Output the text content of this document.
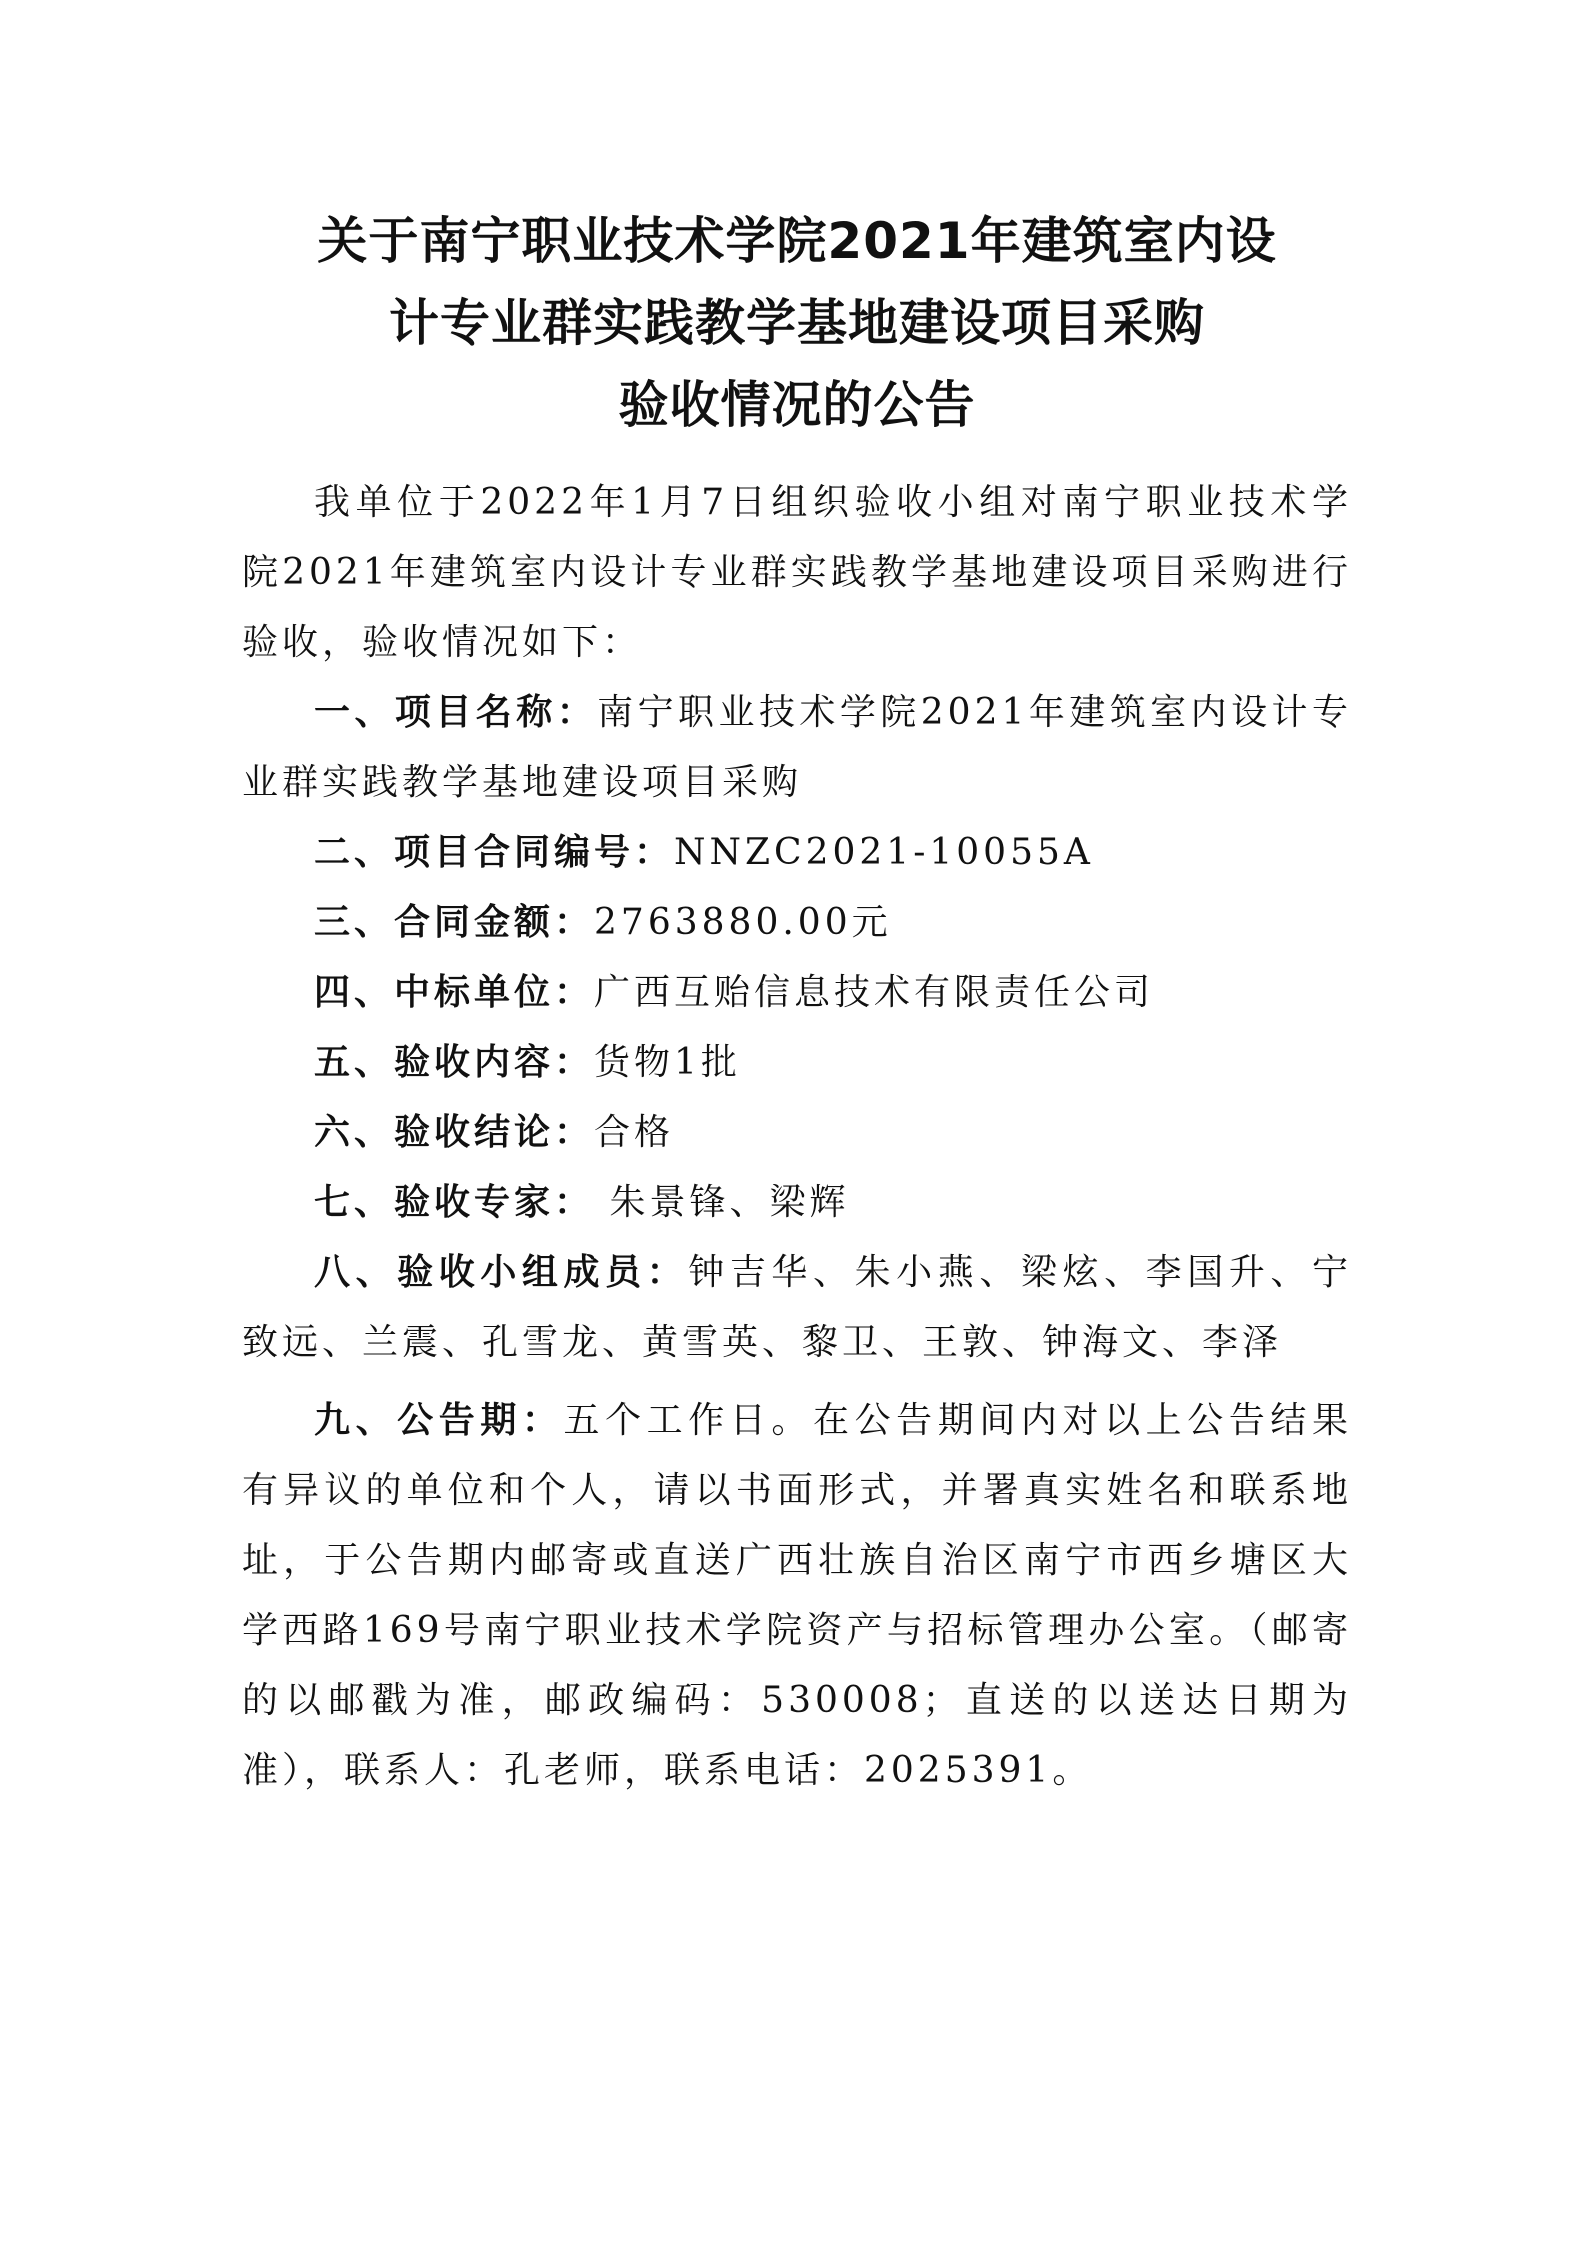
关于南宁职业技术学院2021年建筑室内设
计专业群实践教学基地建设项目采购
验收情况的公告

我单位于2022年1月7日组织验收小组对南宁职业技术学院2021年建筑室内设计专业群实践教学基地建设项目采购进行验收，验收情况如下：

一、项目名称：南宁职业技术学院2021年建筑室内设计专业群实践教学基地建设项目采购

二、项目合同编号：NNZC2021-10055A

三、合同金额：2763880.00元

四、中标单位：广西互贻信息技术有限责任公司

五、验收内容：货物1批

六、验收结论：合格

七、验收专家： 朱景锋、梁辉

八、验收小组成员：钟吉华、朱小燕、梁炫、李国升、宁致远、兰震、孔雪龙、黄雪英、黎卫、王敦、钟海文、李泽

九、公告期：五个工作日。在公告期间内对以上公告结果有异议的单位和个人，请以书面形式，并署真实姓名和联系地址，于公告期内邮寄或直送广西壮族自治区南宁市西乡塘区大学西路169号南宁职业技术学院资产与招标管理办公室。（邮寄的以邮戳为准，邮政编码：530008；直送的以送达日期为准），联系人：孔老师，联系电话：2025391。
